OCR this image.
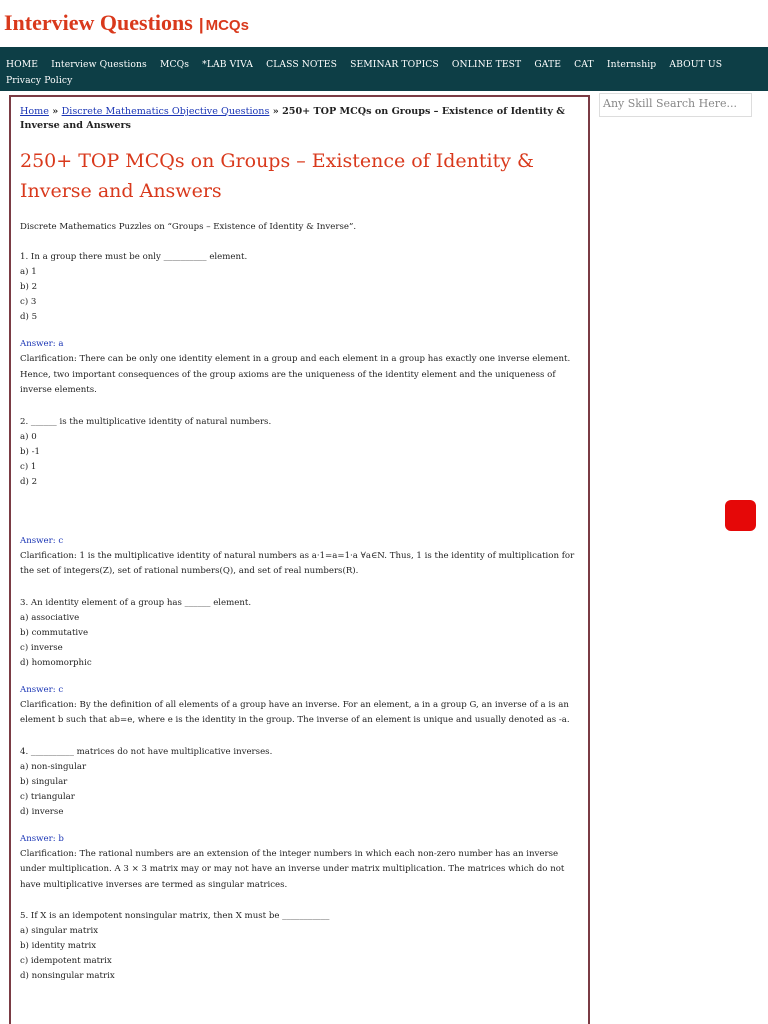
Interview Questions | MCQs
HOME Interview Questions MCQs *LAB VIVA CLASS NOTES SEMINAR TOPICS ONLINE TEST GATE CAT Internship ABOUT US
Privacy Policy
Home » Discrete Mathematics Objective Questions » 250+ TOP MCQs on Groups – Existence of Identity & Inverse and Answers
250+ TOP MCQs on Groups – Existence of Identity & Inverse and Answers

Discrete Mathematics Puzzles on “Groups – Existence of Identity & Inverse”.

1. In a group there must be only __________ element.
a) 1
b) 2
c) 3
d) 5
Answer: a
Clarification: There can be only one identity element in a group and each element in a group has exactly one inverse element. Hence, two important consequences of the group axioms are the uniqueness of the identity element and the uniqueness of inverse elements.
2. ______ is the multiplicative identity of natural numbers.
a) 0
b) -1
c) 1
d) 2
Answer: c
Clarification: 1 is the multiplicative identity of natural numbers as a·1=a=1·a ∀a∈N. Thus, 1 is the identity of multiplication for the set of integers(Z), set of rational numbers(Q), and set of real numbers(R).
3. An identity element of a group has ______ element.
a) associative
b) commutative
c) inverse
d) homomorphic
Answer: c
Clarification: By the definition of all elements of a group have an inverse. For an element, a in a group G, an inverse of a is an element b such that ab=e, where e is the identity in the group. The inverse of an element is unique and usually denoted as -a.
4. __________ matrices do not have multiplicative inverses.
a) non-singular
b) singular
c) triangular
d) inverse
Answer: b
Clarification: The rational numbers are an extension of the integer numbers in which each non-zero number has an inverse under multiplication. A 3 × 3 matrix may or may not have an inverse under matrix multiplication. The matrices which do not have multiplicative inverses are termed as singular matrices.
5. If X is an idempotent nonsingular matrix, then X must be ___________
a) singular matrix
b) identity matrix
c) idempotent matrix
d) nonsingular matrix
Any Skill Search Here...
